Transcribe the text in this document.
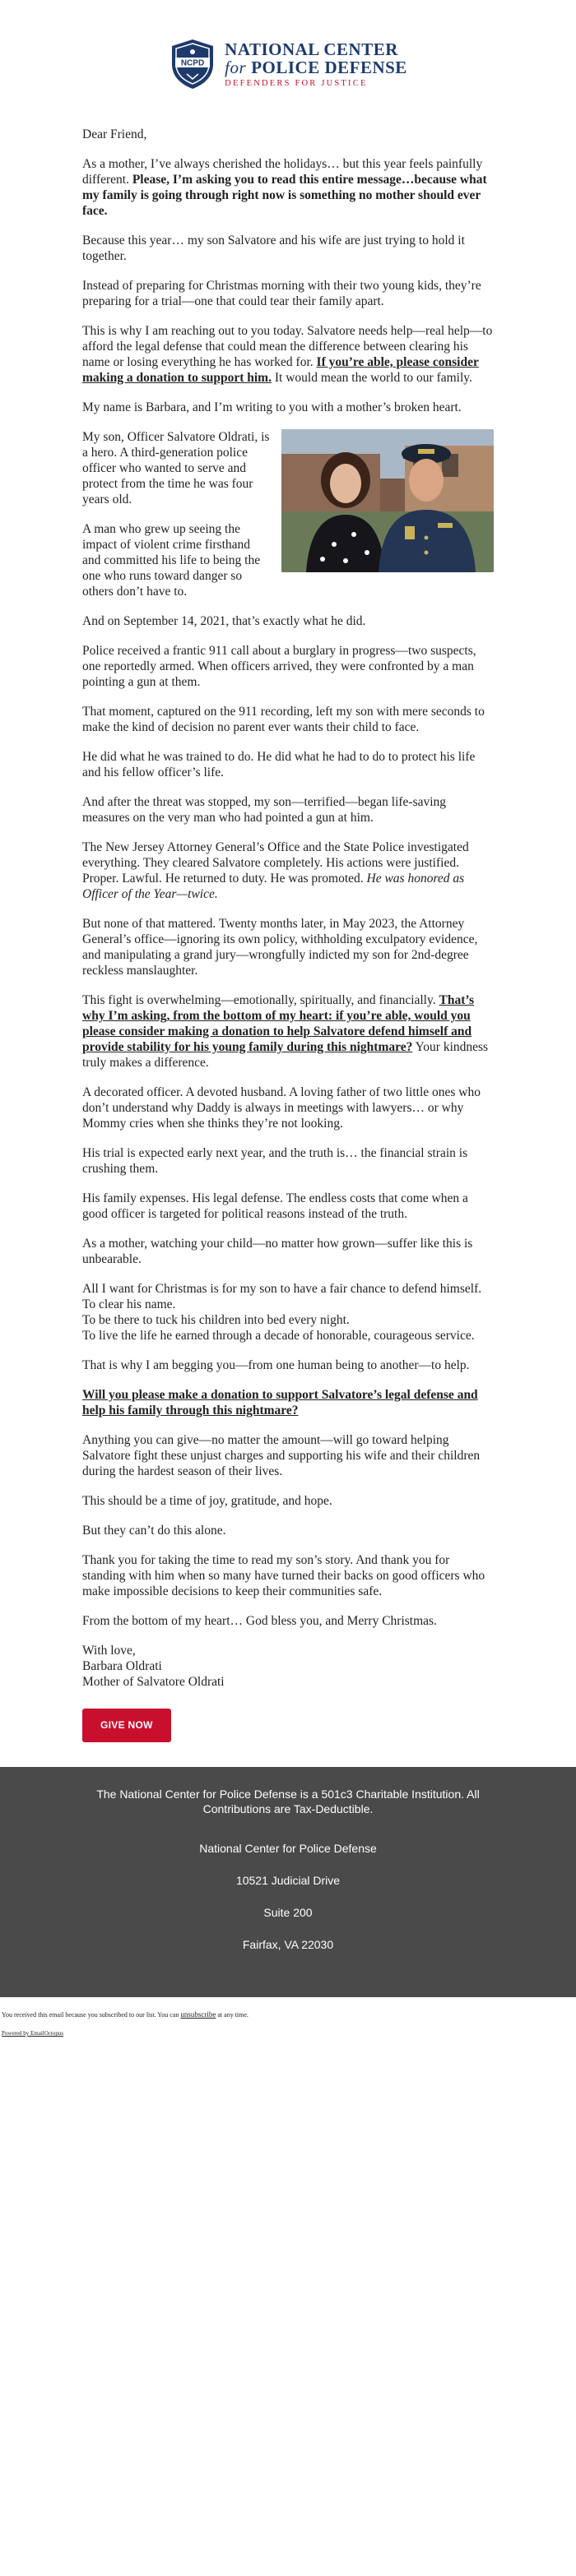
NCPD
NATIONAL CENTER
for POLICE DEFENSE
DEFENDERS FOR JUSTICE

Dear Friend,

As a mother, I’ve always cherished the holidays… but this year feels painfully different. Please, I’m asking you to read this entire message…because what my family is going through right now is something no mother should ever face.

Because this year… my son Salvatore and his wife are just trying to hold it together.

Instead of preparing for Christmas morning with their two young kids, they’re preparing for a trial—one that could tear their family apart.

This is why I am reaching out to you today. Salvatore needs help—real help—to afford the legal defense that could mean the difference between clearing his name or losing everything he has worked for. If you’re able, please consider making a donation to support him. It would mean the world to our family.

My name is Barbara, and I’m writing to you with a mother’s broken heart.

My son, Officer Salvatore Oldrati, is a hero. A third-generation police officer who wanted to serve and protect from the time he was four years old.

A man who grew up seeing the impact of violent crime firsthand and committed his life to being the one who runs toward danger so others don’t have to.

And on September 14, 2021, that’s exactly what he did.

Police received a frantic 911 call about a burglary in progress—two suspects, one reportedly armed. When officers arrived, they were confronted by a man pointing a gun at them.

That moment, captured on the 911 recording, left my son with mere seconds to make the kind of decision no parent ever wants their child to face.

He did what he was trained to do. He did what he had to do to protect his life and his fellow officer’s life.

And after the threat was stopped, my son—terrified—began life-saving measures on the very man who had pointed a gun at him.

The New Jersey Attorney General’s Office and the State Police investigated everything. They cleared Salvatore completely. His actions were justified. Proper. Lawful. He returned to duty. He was promoted. He was honored as Officer of the Year—twice.

But none of that mattered. Twenty months later, in May 2023, the Attorney General’s office—ignoring its own policy, withholding exculpatory evidence, and manipulating a grand jury—wrongfully indicted my son for 2nd-degree reckless manslaughter.

This fight is overwhelming—emotionally, spiritually, and financially. That’s why I’m asking, from the bottom of my heart: if you’re able, would you please consider making a donation to help Salvatore defend himself and provide stability for his young family during this nightmare? Your kindness truly makes a difference.

A decorated officer. A devoted husband. A loving father of two little ones who don’t understand why Daddy is always in meetings with lawyers… or why Mommy cries when she thinks they’re not looking.

His trial is expected early next year, and the truth is… the financial strain is crushing them.

His family expenses. His legal defense. The endless costs that come when a good officer is targeted for political reasons instead of the truth.

As a mother, watching your child—no matter how grown—suffer like this is unbearable.

All I want for Christmas is for my son to have a fair chance to defend himself. To clear his name.
To be there to tuck his children into bed every night.
To live the life he earned through a decade of honorable, courageous service.

That is why I am begging you—from one human being to another—to help.

Will you please make a donation to support Salvatore’s legal defense and help his family through this nightmare?

Anything you can give—no matter the amount—will go toward helping Salvatore fight these unjust charges and supporting his wife and their children during the hardest season of their lives.

This should be a time of joy, gratitude, and hope.

But they can’t do this alone.

Thank you for taking the time to read my son’s story. And thank you for standing with him when so many have turned their backs on good officers who make impossible decisions to keep their communities safe.

From the bottom of my heart… God bless you, and Merry Christmas.

With love,
Barbara Oldrati
Mother of Salvatore Oldrati

GIVE NOW

The National Center for Police Defense is a 501c3 Charitable Institution. All Contributions are Tax-Deductible.

National Center for Police Defense

10521 Judicial Drive

Suite 200

Fairfax, VA 22030

You received this email because you subscribed to our list. You can unsubscribe at any time.
Powered by EmailOctopus
